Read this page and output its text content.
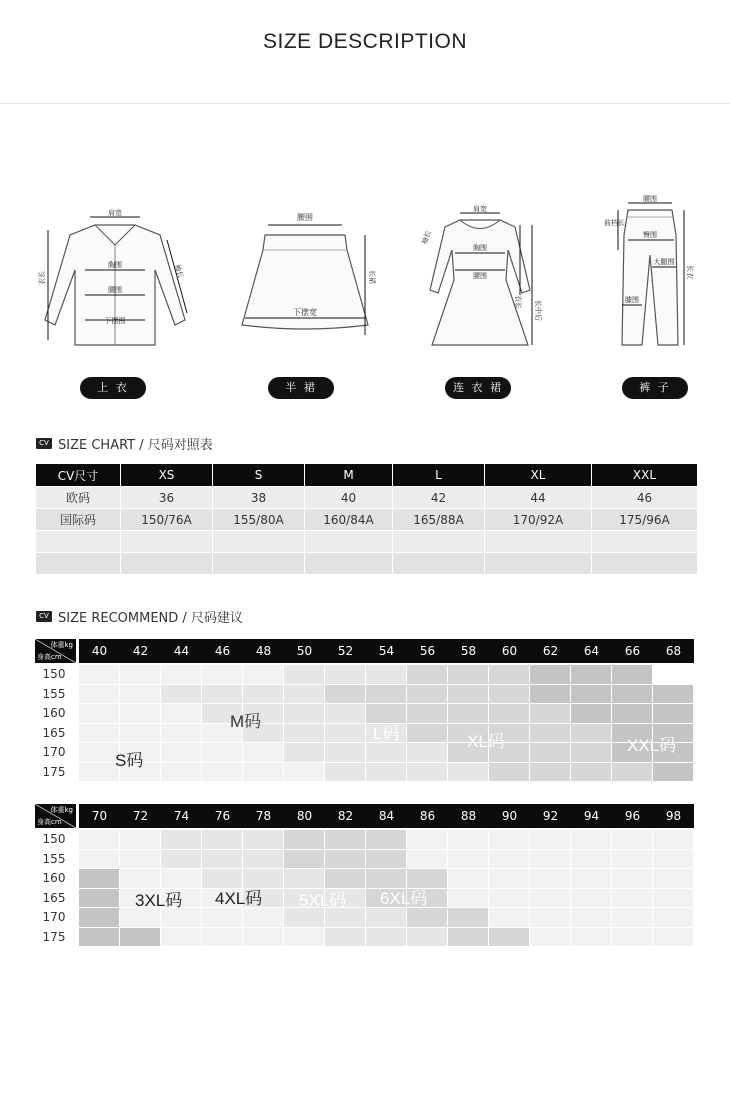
SIZE DESCRIPTION
肩宽
胸围
腰围
下摆围
衣长	袖长
腰围
下摆宽
长裙
肩宽
胸围
腰围
衣长
袖长
长中后
腰围
前档长
臀围
大腿围
长衣
膝围
上 衣	半 裙	连 衣 裙	裤 子
CV SIZE CHART / 尺码对照表
CV尺寸	XS	S	M	L	XL	XXL
欧码	36	38	40	42	44	46
国际码	150/76A	155/80A	160/84A	165/88A	170/92A	175/96A

CV SIZE RECOMMEND / 尺码建议
体重kg
身高cm	40	42	44	46	48	50	52	54	56	58	60	62	64	66	68
150
155
160
165
170
175
S码
M码
L码	XL码	XXL码
体重kg
身高cm	70	72	74	76	78	80	82	84	86	88	90	92	94	96	98
150
155
160
165
170
175
3XL码 4XL码 5XL码 6XL码
